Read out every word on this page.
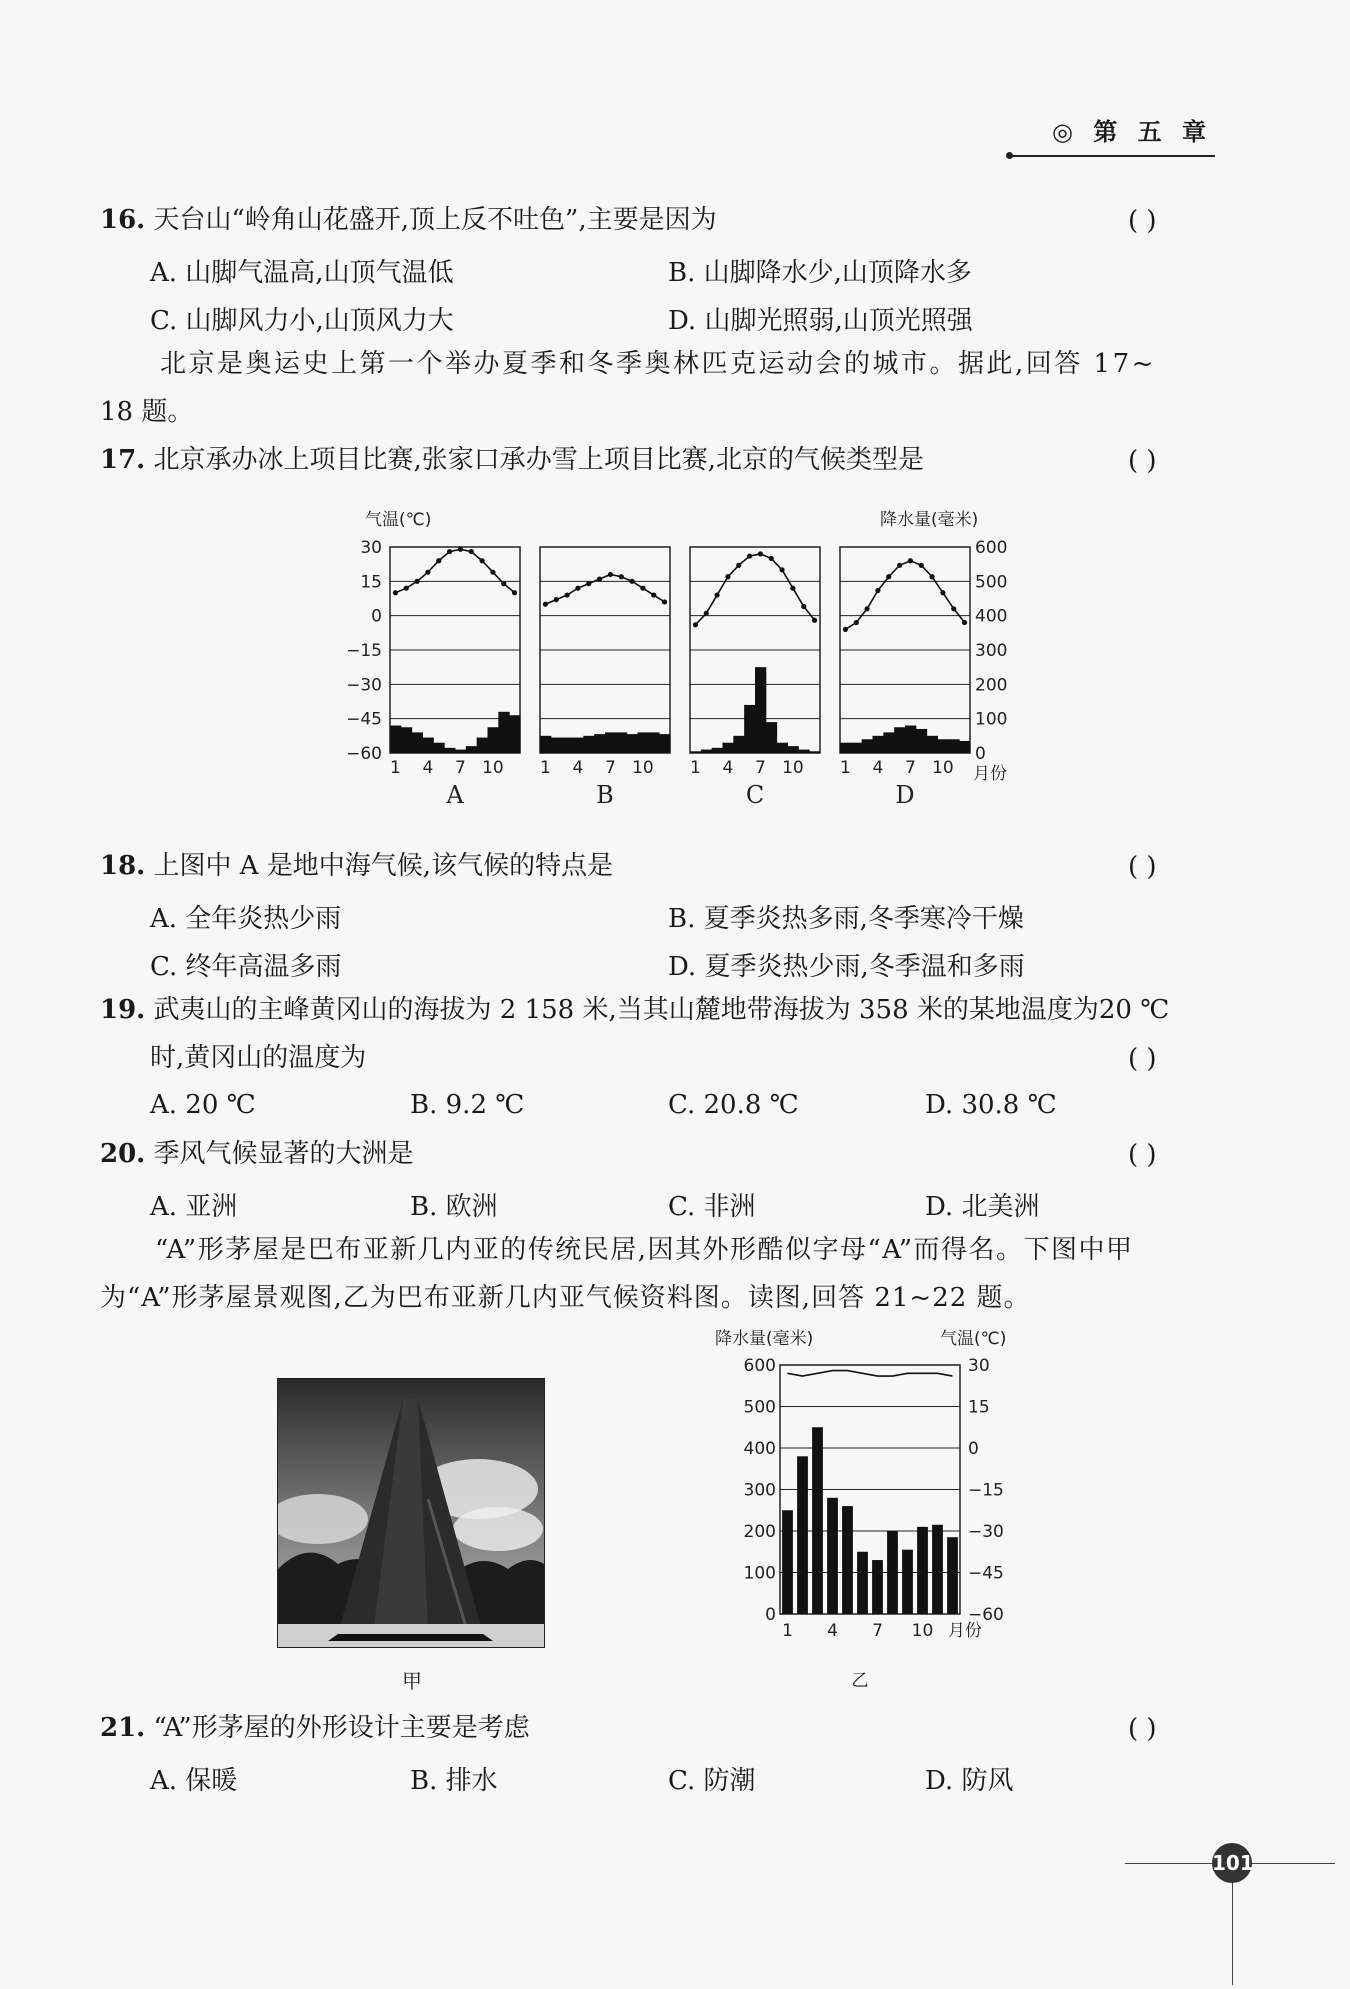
◎ 第 五 章
16. 天台山“岭角山花盛开,顶上反不吐色”,主要是因为	( )
A. 山脚气温高,山顶气温低	B. 山脚降水少,山顶降水多
C. 山脚风力小,山顶风力大	D. 山脚光照弱,山顶光照强
北京是奥运史上第一个举办夏季和冬季奥林匹克运动会的城市。据此,回答 17~
18 题。
17. 北京承办冰上项目比赛,张家口承办雪上项目比赛,北京的气候类型是	( )
气温(℃)	降水量(毫米)
30
15
0
−15
−30
−45
−60
600
500
400
300
200
100
0
1 4 7 10
A
1 4 7 10
B
1 4 7 10
C
1 4 7 10
D
月份
18. 上图中 A 是地中海气候,该气候的特点是	( )
A. 全年炎热少雨	B. 夏季炎热多雨,冬季寒冷干燥
C. 终年高温多雨	D. 夏季炎热少雨,冬季温和多雨
19. 武夷山的主峰黄冈山的海拔为 2 158 米,当其山麓地带海拔为 358 米的某地温度为20 ℃
时,黄冈山的温度为	( )
A. 20 ℃	B. 9.2 ℃	C. 20.8 ℃	D. 30.8 ℃
20. 季风气候显著的大洲是	( )
A. 亚洲	B. 欧洲	C. 非洲	D. 北美洲
“A”形茅屋是巴布亚新几内亚的传统民居,因其外形酷似字母“A”而得名。下图中甲
为“A”形茅屋景观图,乙为巴布亚新几内亚气候资料图。读图,回答 21~22 题。
甲
降水量(毫米)	气温(℃)
600
500
400
300
200
100
0
30
15
0
−15
−30
−45
−60
1 4 7 10 月份
乙
21. “A”形茅屋的外形设计主要是考虑	( )
A. 保暖	B. 排水	C. 防潮	D. 防风
101
